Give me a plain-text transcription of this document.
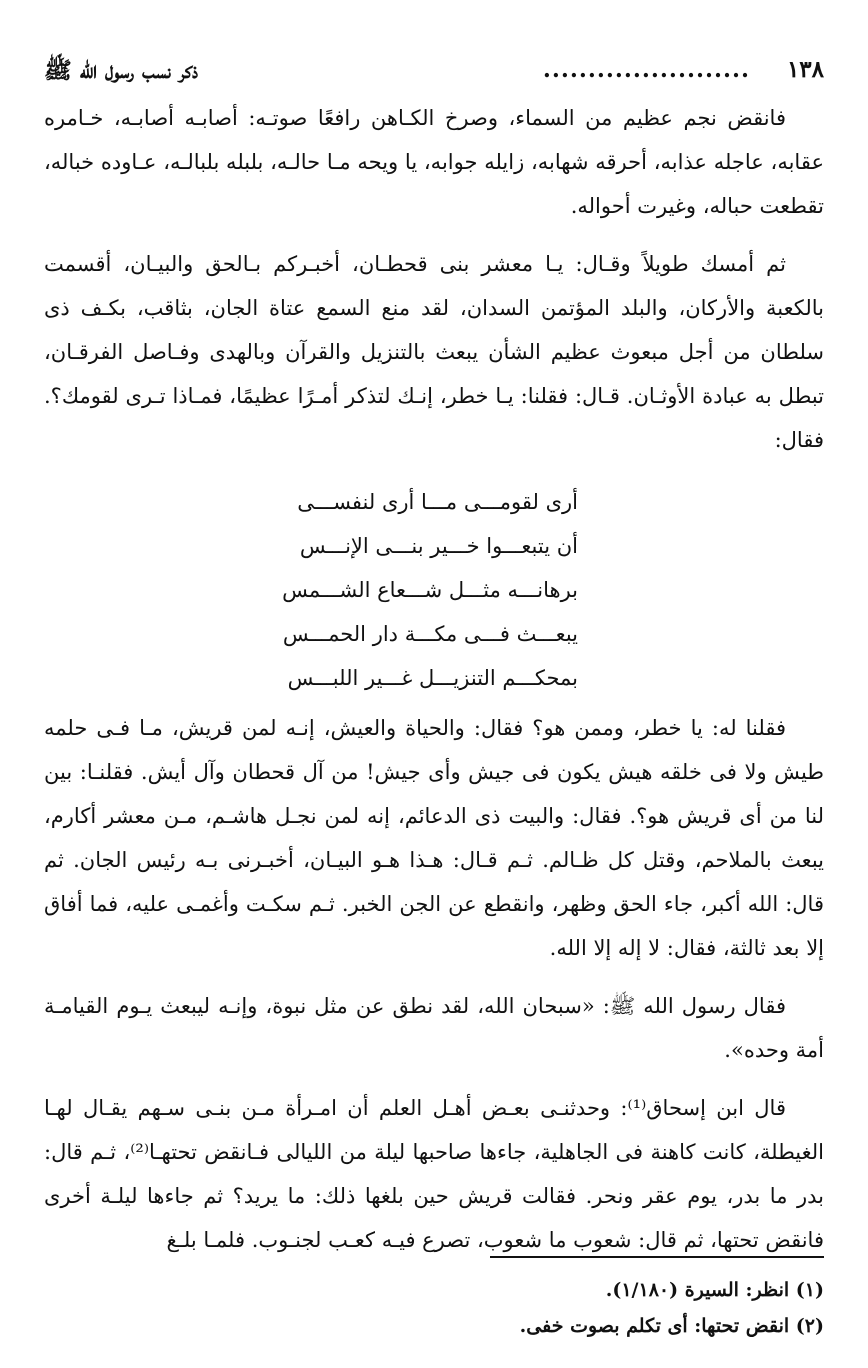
١٣٨
.......................
ذكر نسب رسول الله ﷺ

فانقض نجم عظيم من السماء، وصرخ الكـاهن رافعًا صوتـه: أصابـه أصابـه، خـامره عقابه، عاجله عذابه، أحرقه شهابه، زايله جوابه، يا ويحه مـا حالـه، بلبله بلبالـه، عـاوده خباله، تقطعت حباله، وغيرت أحواله.

ثم أمسك طويلاً وقـال: يـا معشر بنى قحطـان، أخبـركم بـالحق والبيـان، أقسمت بالكعبة والأركان، والبلد المؤتمن السدان، لقد منع السمع عتاة الجان، بثاقب، بكـف ذى سلطان من أجل مبعوث عظيم الشأن يبعث بالتنزيل والقرآن وبالهدى وفـاصل الفرقـان، تبطل به عبادة الأوثـان. قـال: فقلنا: يـا خطر، إنـك لتذكر أمـرًا عظيمًا، فمـاذا تـرى لقومك؟. فقال:

أرى لقومـــى مـــا أرى لنفســـى
أن يتبعـــوا خـــير بنـــى الإنـــس
برهانـــه مثـــل شـــعاع الشـــمس
يبعـــث فـــى مكـــة دار الحمـــس
بمحكـــم التنزيـــل غـــير اللبـــس

فقلنا له: يا خطر، وممن هو؟ فقال: والحياة والعيش، إنـه لمن قريش، مـا فـى حلمه طيش ولا فى خلقه هيش يكون فى جيش وأى جيش! من آل قحطان وآل أيش. فقلنـا: بين لنا من أى قريش هو؟. فقال: والبيت ذى الدعائم، إنه لمن نجـل هاشـم، مـن معشر أكارم، يبعث بالملاحم، وقتل كل ظـالم. ثـم قـال: هـذا هـو البيـان، أخبـرنى بـه رئيس الجان. ثم قال: الله أكبر، جاء الحق وظهر، وانقطع عن الجن الخبر. ثـم سكـت وأغمـى عليه، فما أفاق إلا بعد ثالثة، فقال: لا إله إلا الله.

فقال رسول الله ﷺ: «سبحان الله، لقد نطق عن مثل نبوة، وإنـه ليبعث يـوم القيامـة أمة وحده».

قال ابن إسحاق⁽¹⁾: وحدثنـى بعـض أهـل العلم أن امـرأة مـن بنـى سـهم يقـال لهـا الغيطلة، كانت كاهنة فى الجاهلية، جاءها صاحبها ليلة من الليالى فـانقض تحتهـا⁽²⁾، ثـم قال: بدر ما بدر، يوم عقر ونحر. فقالت قريش حين بلغها ذلك: ما يريد؟ ثم جاءها ليلـة أخرى فانقض تحتها، ثم قال: شعوب ما شعوب، تصرع فيـه كعـب لجنـوب. فلمـا بلـغ

(١) انظر: السيرة (١/١٨٠).

(٢) انقض تحتها: أى تكلم بصوت خفى.
